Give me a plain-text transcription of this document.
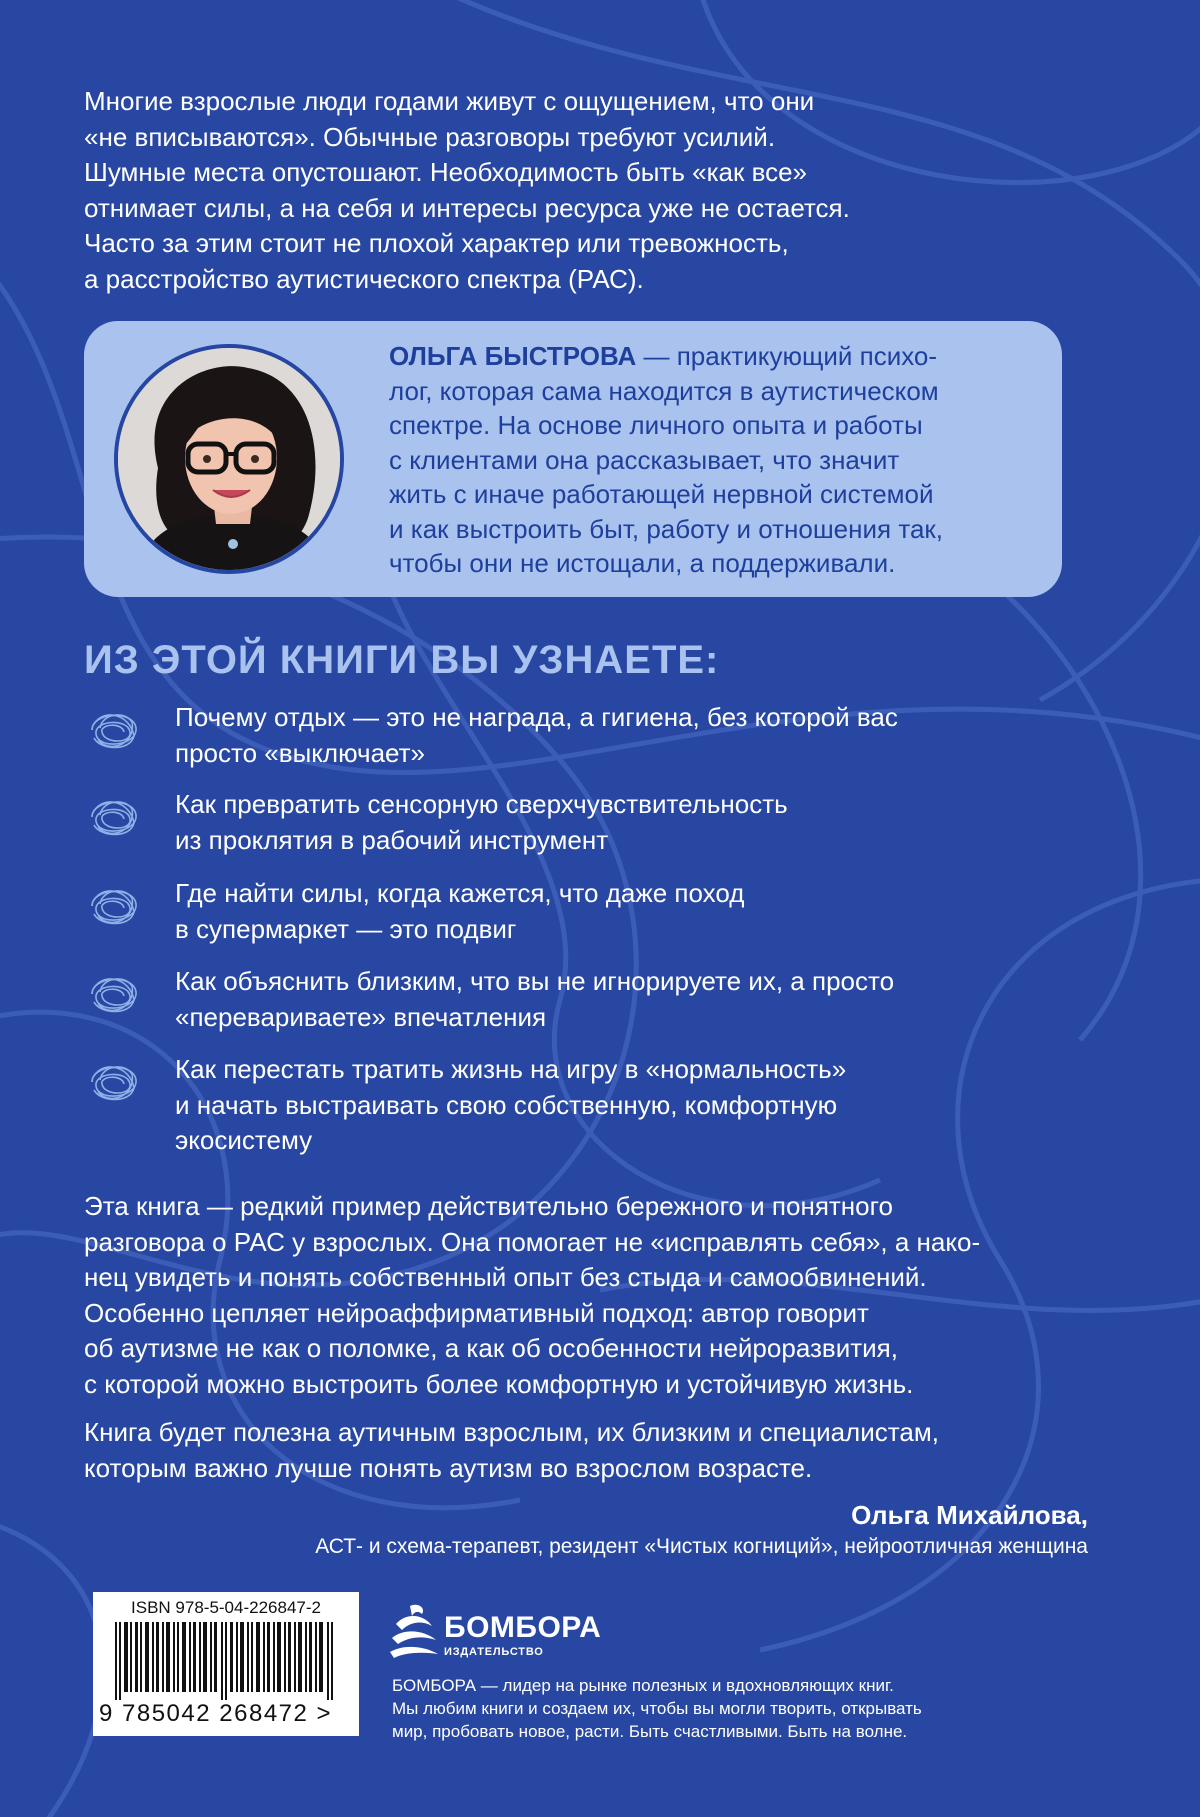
Многие взрослые люди годами живут с ощущением, что они
«не вписываются». Обычные разговоры требуют усилий.
Шумные места опустошают. Необходимость быть «как все»
отнимает силы, а на себя и интересы ресурса уже не остается.
Часто за этим стоит не плохой характер или тревожность,
а расстройство аутистического спектра (РАС).

ОЛЬГА БЫСТРОВА — практикующий психо-
лог, которая сама находится в аутистическом
спектре. На основе личного опыта и работы
с клиентами она рассказывает, что значит
жить с иначе работающей нервной системой
и как выстроить быт, работу и отношения так,
чтобы они не истощали, а поддерживали.

ИЗ ЭТОЙ КНИГИ ВЫ УЗНАЕТЕ:

Почему отдых — это не награда, а гигиена, без которой вас
просто «выключает»

Как превратить сенсорную сверхчувствительность
из проклятия в рабочий инструмент

Где найти силы, когда кажется, что даже поход
в супермаркет — это подвиг

Как объяснить близким, что вы не игнорируете их, а просто
«перевариваете» впечатления

Как перестать тратить жизнь на игру в «нормальность»
и начать выстраивать свою собственную, комфортную
экосистему

Эта книга — редкий пример действительно бережного и понятного
разговора о РАС у взрослых. Она помогает не «исправлять себя», а нако-
нец увидеть и понять собственный опыт без стыда и самообвинений.
Особенно цепляет нейроаффирмативный подход: автор говорит
об аутизме не как о поломке, а как об особенности нейроразвития,
с которой можно выстроить более комфортную и устойчивую жизнь.

Книга будет полезна аутичным взрослым, их близким и специалистам,
которым важно лучше понять аутизм во взрослом возрасте.

Ольга Михайлова,

АСТ- и схема-терапевт, резидент «Чистых когниций», нейроотличная женщина

ISBN 978-5-04-226847-2
9 785042 268472 >

БОМБОРА

ИЗДАТЕЛЬСТВО

БОМБОРА — лидер на рынке полезных и вдохновляющих книг.
Мы любим книги и создаем их, чтобы вы могли творить, открывать
мир, пробовать новое, расти. Быть счастливыми. Быть на волне.
